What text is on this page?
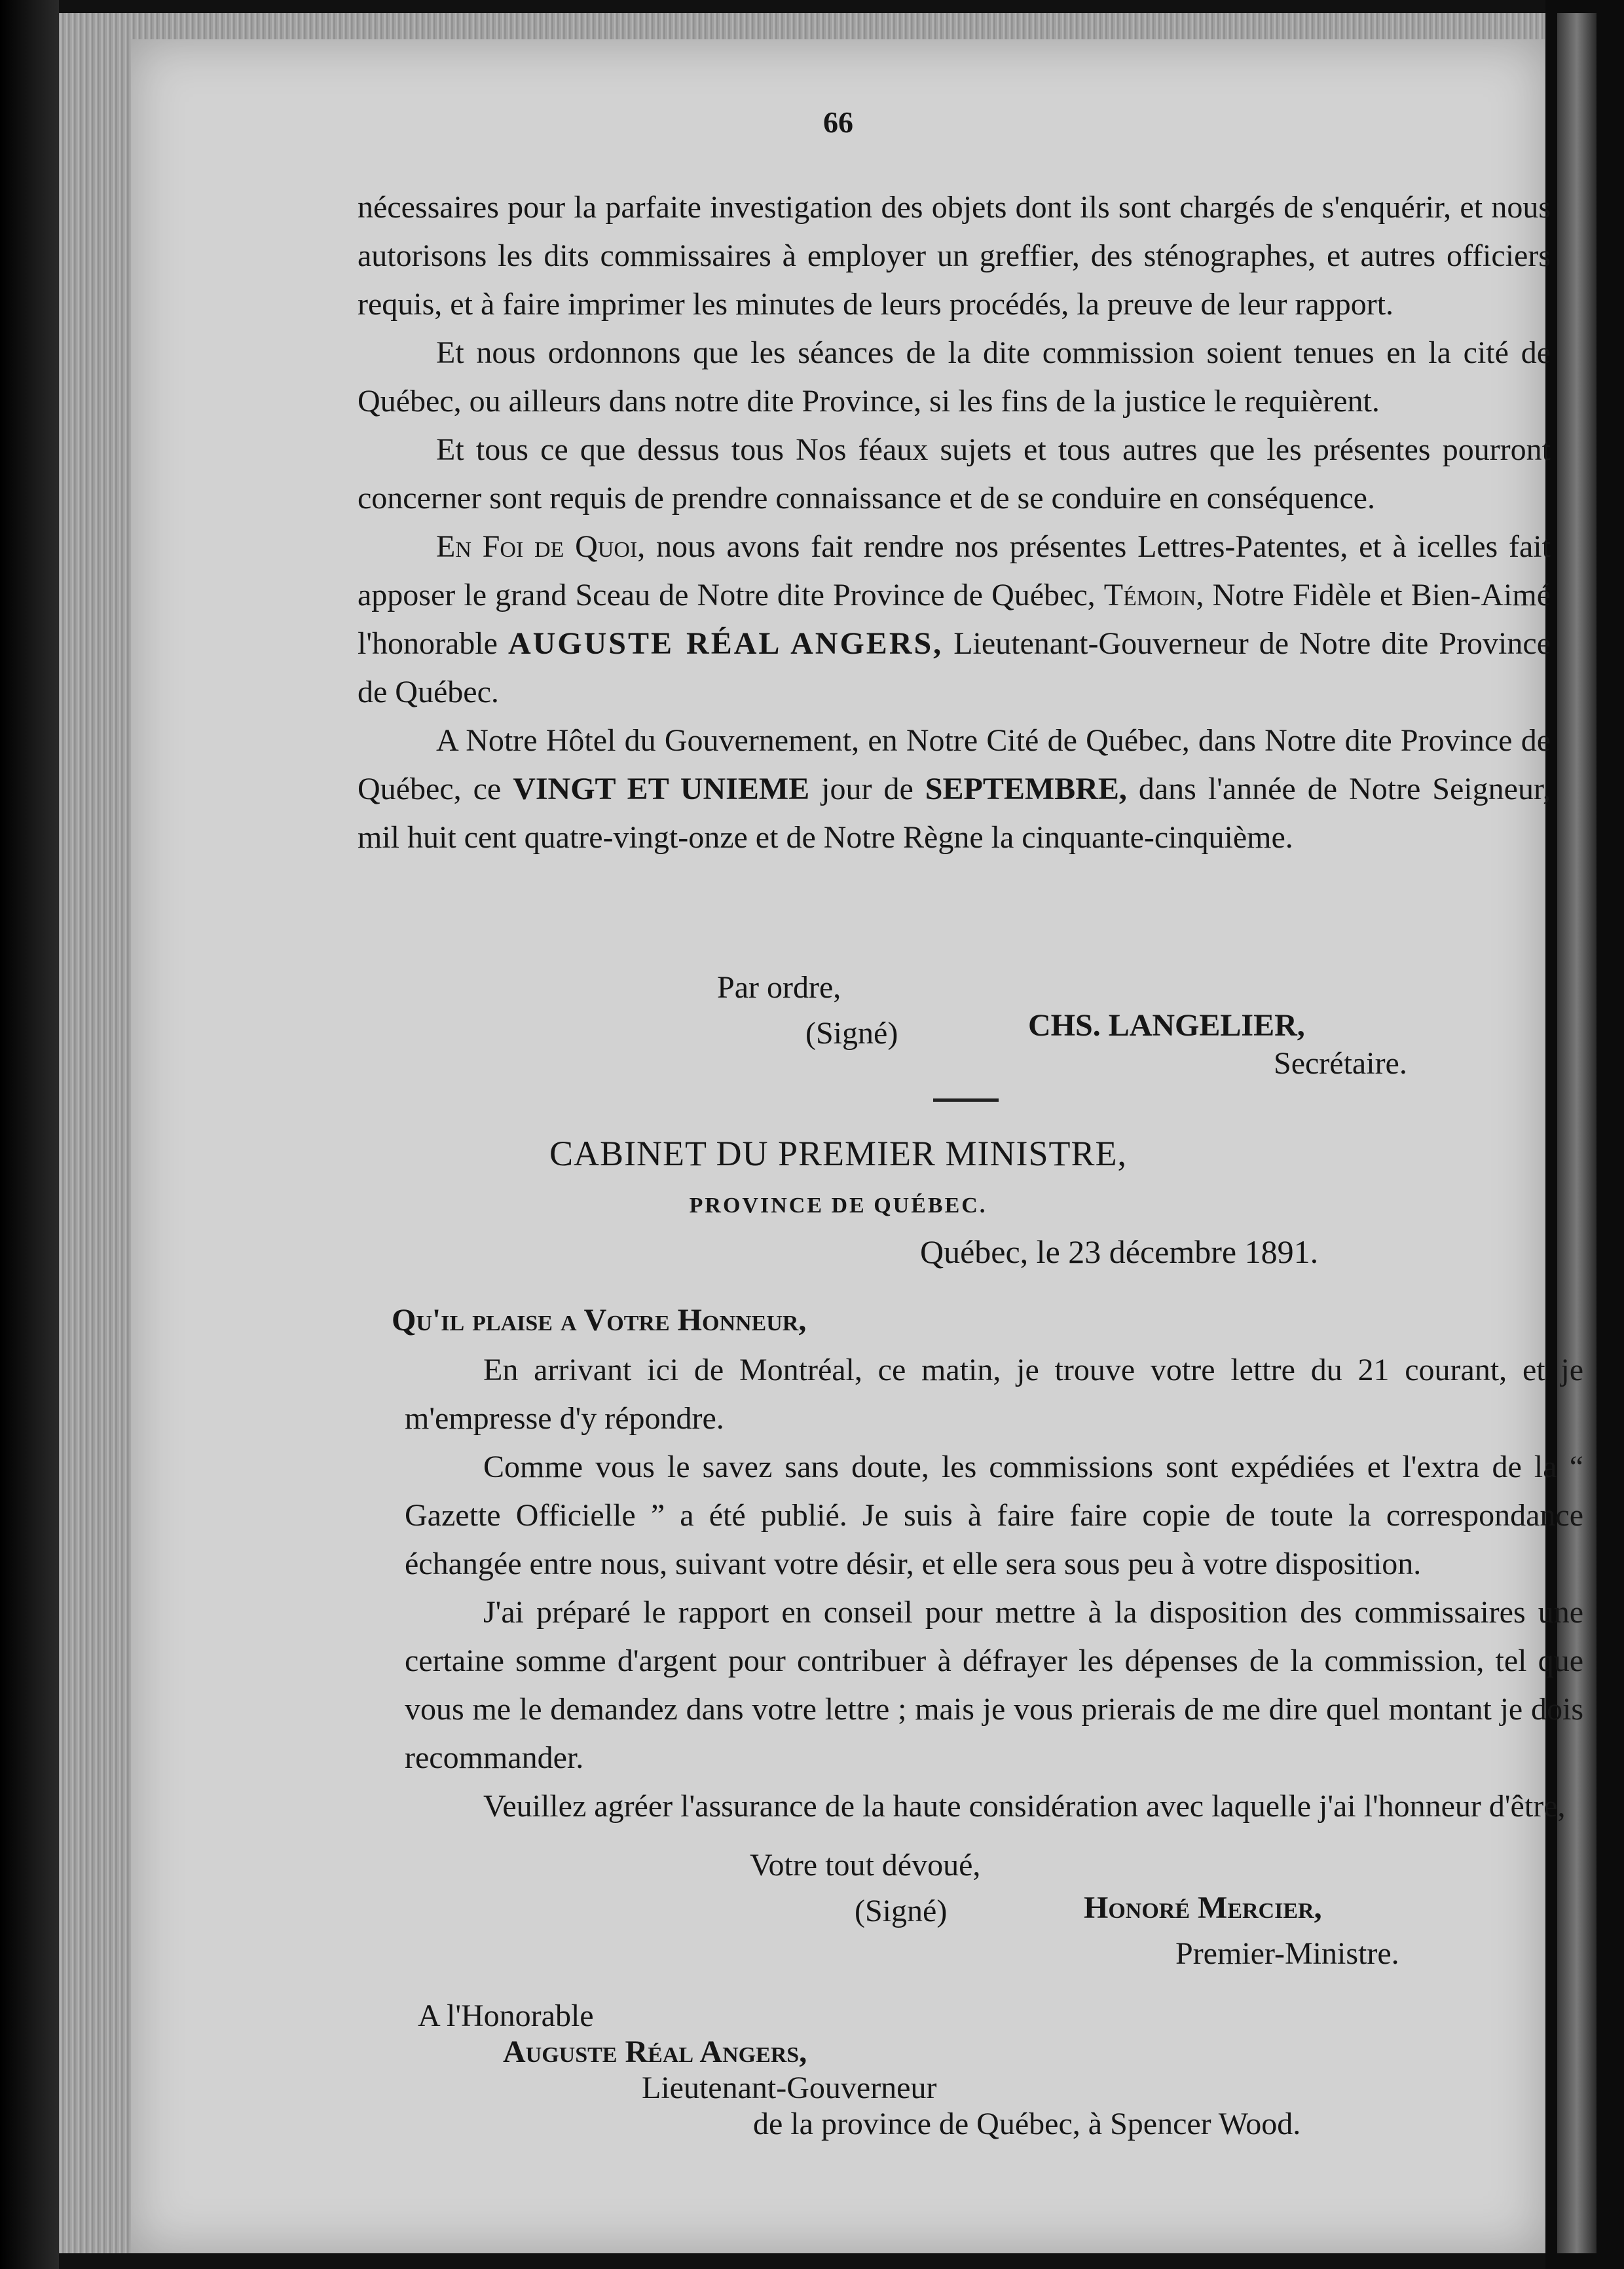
66

nécessaires pour la parfaite investigation des objets dont ils sont chargés de s'enquérir, et nous autorisons les dits commissaires à employer un greffier, des sténographes, et autres officiers requis, et à faire imprimer les minutes de leurs procédés, la preuve de leur rapport.

Et nous ordonnons que les séances de la dite commission soient tenues en la cité de Québec, ou ailleurs dans notre dite Province, si les fins de la justice le requièrent.

Et tous ce que dessus tous Nos féaux sujets et tous autres que les présentes pourront concerner sont requis de prendre connaissance et de se conduire en conséquence.

En Foi de Quoi, nous avons fait rendre nos présentes Lettres-Patentes, et à icelles fait apposer le grand Sceau de Notre dite Province de Québec, Témoin, Notre Fidèle et Bien-Aimé l'honorable AUGUSTE RÉAL ANGERS, Lieutenant-Gouverneur de Notre dite Province de Québec.

A Notre Hôtel du Gouvernement, en Notre Cité de Québec, dans Notre dite Province de Québec, ce VINGT ET UNIEME jour de SEPTEMBRE, dans l'année de Notre Seigneur, mil huit cent quatre-vingt-onze et de Notre Règne la cinquante-cinquième.

Par ordre,
(Signé)	CHS. LANGELIER,
Secrétaire.
CABINET DU PREMIER MINISTRE,
PROVINCE DE QUÉBEC.
Québec, le 23 décembre 1891.
Qu'il plaise a Votre Honneur,

En arrivant ici de Montréal, ce matin, je trouve votre lettre du 21 courant, et je m'empresse d'y répondre.

Comme vous le savez sans doute, les commissions sont expédiées et l'extra de la “ Gazette Officielle ” a été publié. Je suis à faire faire copie de toute la correspondance échangée entre nous, suivant votre désir, et elle sera sous peu à votre disposition.

J'ai préparé le rapport en conseil pour mettre à la disposition des commissaires une certaine somme d'argent pour contribuer à défrayer les dépenses de la commission, tel que vous me le demandez dans votre lettre ; mais je vous prierais de me dire quel montant je dois recommander.

Veuillez agréer l'assurance de la haute considération avec laquelle j'ai l'honneur d'être,

Votre tout dévoué,
(Signé)	Honoré Mercier,
Premier-Ministre.
A l'Honorable
Auguste Réal Angers,
Lieutenant-Gouverneur
de la province de Québec, à Spencer Wood.
